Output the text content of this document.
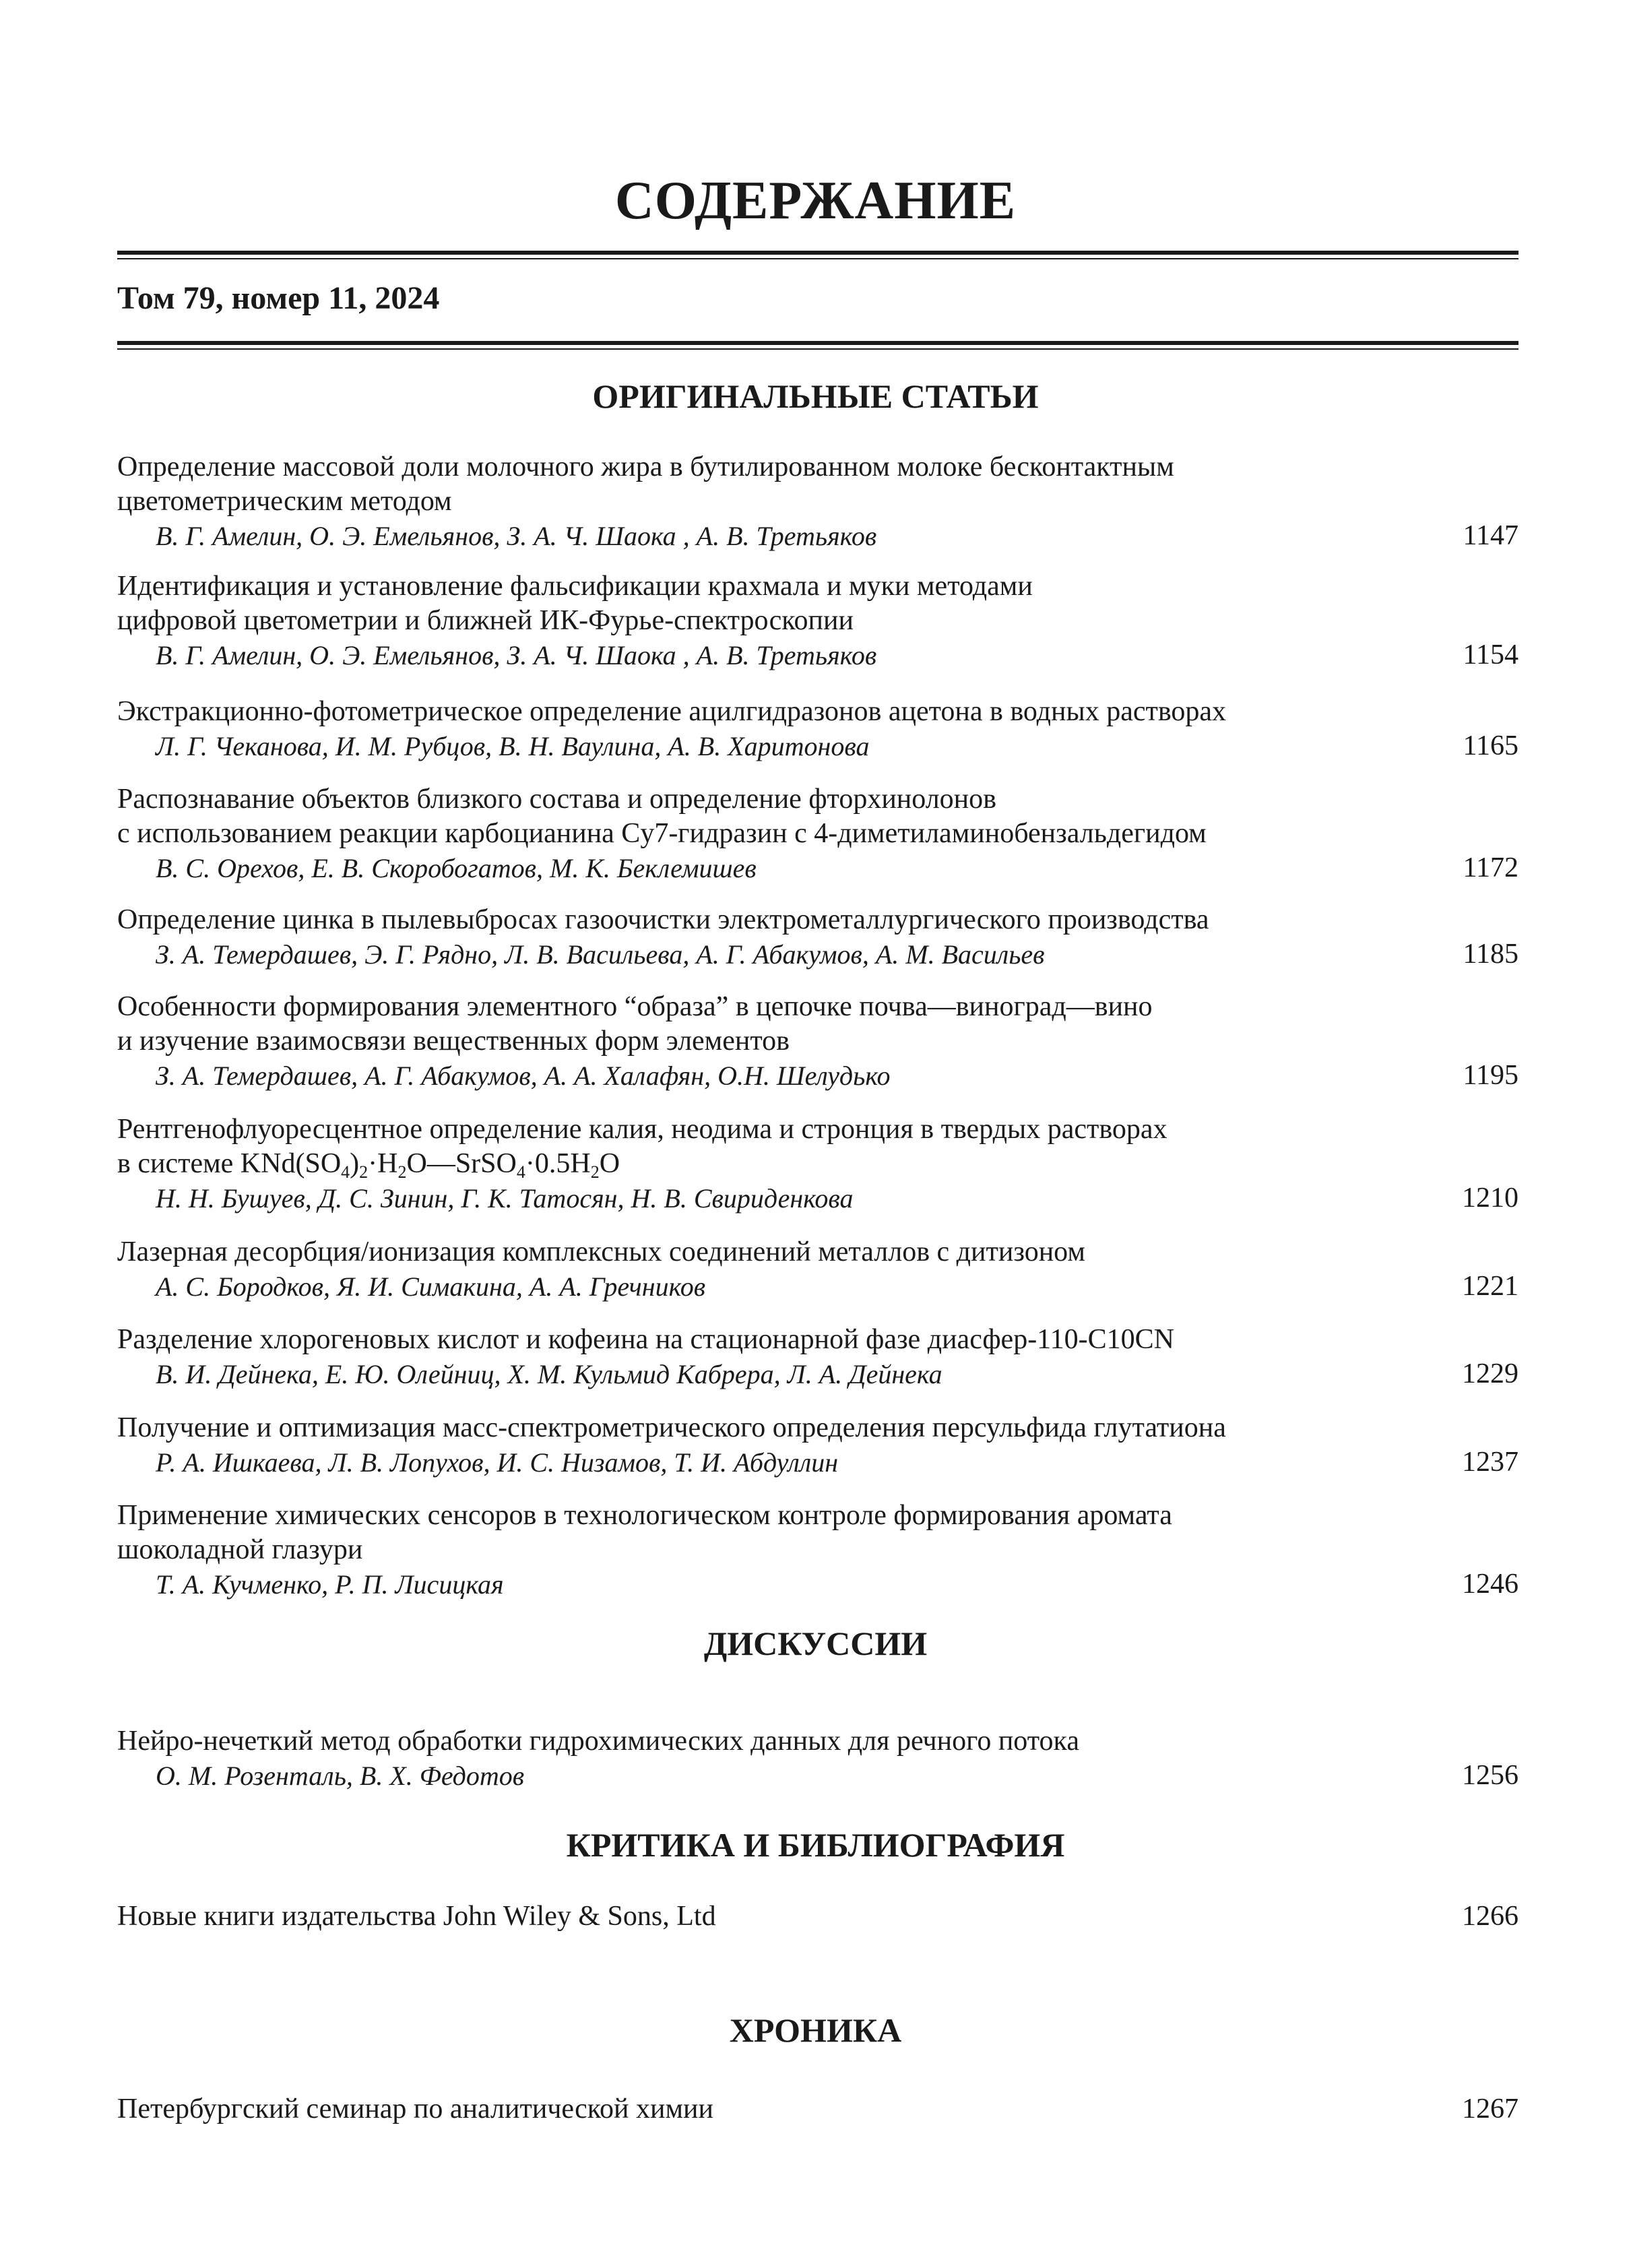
СОДЕРЖАНИЕ
Том 79, номер 11, 2024
ОРИГИНАЛЬНЫЕ СТАТЬИ
Определение массовой доли молочного жира в бутилированном молоке бесконтактным
цветометрическим методом
В. Г. Амелин, О. Э. Емельянов, З. А. Ч. Шаока , А. В. Третьяков	1147
Идентификация и установление фальсификации крахмала и муки методами
цифровой цветометрии и ближней ИК-Фурье-спектроскопии
В. Г. Амелин, О. Э. Емельянов, З. А. Ч. Шаока , А. В. Третьяков	1154
Экстракционно-фотометрическое определение ацилгидразонов ацетона в водных растворах
Л. Г. Чеканова, И. М. Рубцов, В. Н. Ваулина, А. В. Харитонова	1165
Распознавание объектов близкого состава и определение фторхинолонов
с использованием реакции карбоцианина Cy7-гидразин с 4-диметиламинобензальдегидом
В. С. Орехов, Е. В. Скоробогатов, М. К. Беклемишев	1172
Определение цинка в пылевыбросах газоочистки электрометаллургического производства
З. А. Темердашев, Э. Г. Рядно, Л. В. Васильева, А. Г. Абакумов, А. М. Васильев	1185
Особенности формирования элементного “образа” в цепочке почва—виноград—вино
и изучение взаимосвязи вещественных форм элементов
З. А. Темердашев, А. Г. Абакумов, А. А. Халафян, О.Н. Шелудько	1195
Рентгенофлуоресцентное определение калия, неодима и стронция в твердых растворах
в системе $KNd(SO_4)_2\cdot H_2O—SrSO_4\cdot 0.5H_2O$
Н. Н. Бушуев, Д. С. Зинин, Г. К. Татосян, Н. В. Свириденкова	1210
Лазерная десорбция/ионизация комплексных соединений металлов с дитизоном
А. С. Бородков, Я. И. Симакина, А. А. Гречников	1221
Разделение хлорогеновых кислот и кофеина на стационарной фазе диасфер-110-C10CN
В. И. Дейнека, Е. Ю. Олейниц, Х. М. Кульмид Кабрера, Л. А. Дейнека	1229
Получение и оптимизация масс-спектрометрического определения персульфида глутатиона
Р. А. Ишкаева, Л. В. Лопухов, И. С. Низамов, Т. И. Абдуллин	1237
Применение химических сенсоров в технологическом контроле формирования аромата
шоколадной глазури
Т. А. Кучменко, Р. П. Лисицкая	1246
ДИСКУССИИ
Нейро-нечеткий метод обработки гидрохимических данных для речного потока
О. М. Розенталь, В. Х. Федотов	1256
КРИТИКА И БИБЛИОГРАФИЯ
Новые книги издательства John Wiley & Sons, Ltd	1266
ХРОНИКА
Петербургский семинар по аналитической химии	1267
